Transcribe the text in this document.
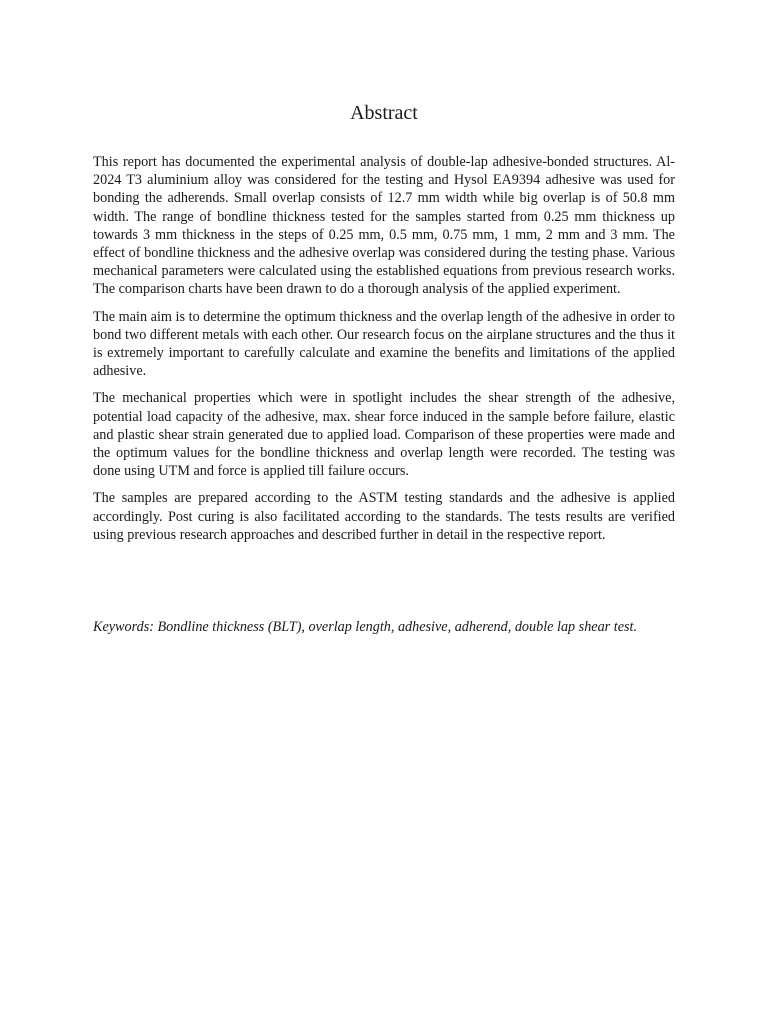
Abstract

This report has documented the experimental analysis of double-lap adhesive-bonded structures. Al-2024 T3 aluminium alloy was considered for the testing and Hysol EA9394 adhesive was used for bonding the adherends. Small overlap consists of 12.7 mm width while big overlap is of 50.8 mm width. The range of bondline thickness tested for the samples started from 0.25 mm thickness up towards 3 mm thickness in the steps of 0.25 mm, 0.5 mm, 0.75 mm, 1 mm, 2 mm and 3 mm. The effect of bondline thickness and the adhesive overlap was considered during the testing phase. Various mechanical parameters were calculated using the established equations from previous research works. The comparison charts have been drawn to do a thorough analysis of the applied experiment.

The main aim is to determine the optimum thickness and the overlap length of the adhesive in order to bond two different metals with each other. Our research focus on the airplane structures and the thus it is extremely important to carefully calculate and examine the benefits and limitations of the applied adhesive.

The mechanical properties which were in spotlight includes the shear strength of the adhesive, potential load capacity of the adhesive, max. shear force induced in the sample before failure, elastic and plastic shear strain generated due to applied load. Comparison of these properties were made and the optimum values for the bondline thickness and overlap length were recorded. The testing was done using UTM and force is applied till failure occurs.

The samples are prepared according to the ASTM testing standards and the adhesive is applied accordingly. Post curing is also facilitated according to the standards. The tests results are verified using previous research approaches and described further in detail in the respective report.

Keywords: Bondline thickness (BLT), overlap length, adhesive, adherend, double lap shear test.
